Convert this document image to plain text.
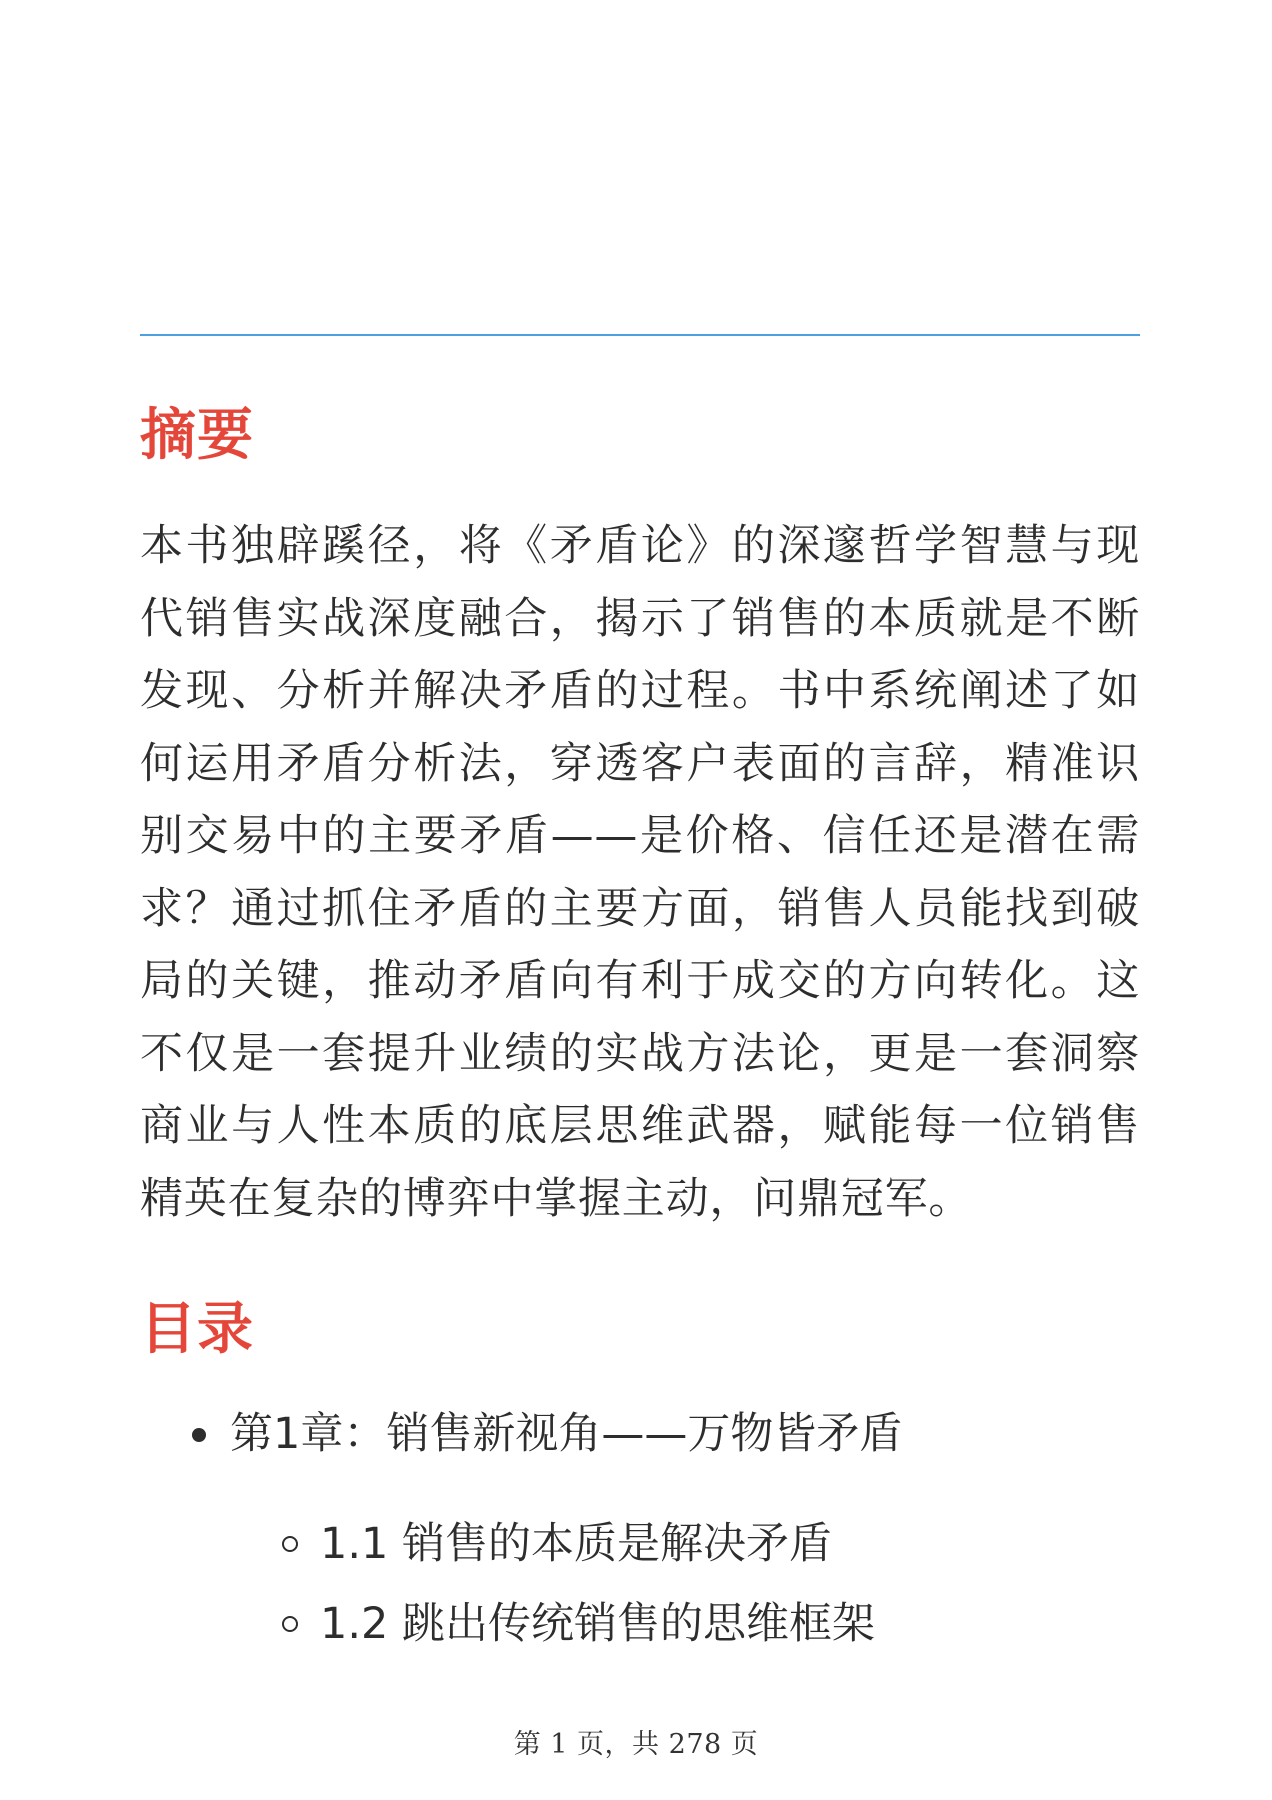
摘要

本书独辟蹊径，将《矛盾论》的深邃哲学智慧与现代销售实战深度融合，揭示了销售的本质就是不断发现、分析并解决矛盾的过程。书中系统阐述了如何运用矛盾分析法，穿透客户表面的言辞，精准识别交易中的主要矛盾——是价格、信任还是潜在需求？通过抓住矛盾的主要方面，销售人员能找到破局的关键，推动矛盾向有利于成交的方向转化。这不仅是一套提升业绩的实战方法论，更是一套洞察商业与人性本质的底层思维武器，赋能每一位销售精英在复杂的博弈中掌握主动，问鼎冠军。

目录
第1章：销售新视角——万物皆矛盾
1.1 销售的本质是解决矛盾
1.2 跳出传统销售的思维框架
第 1 页，共 278 页
